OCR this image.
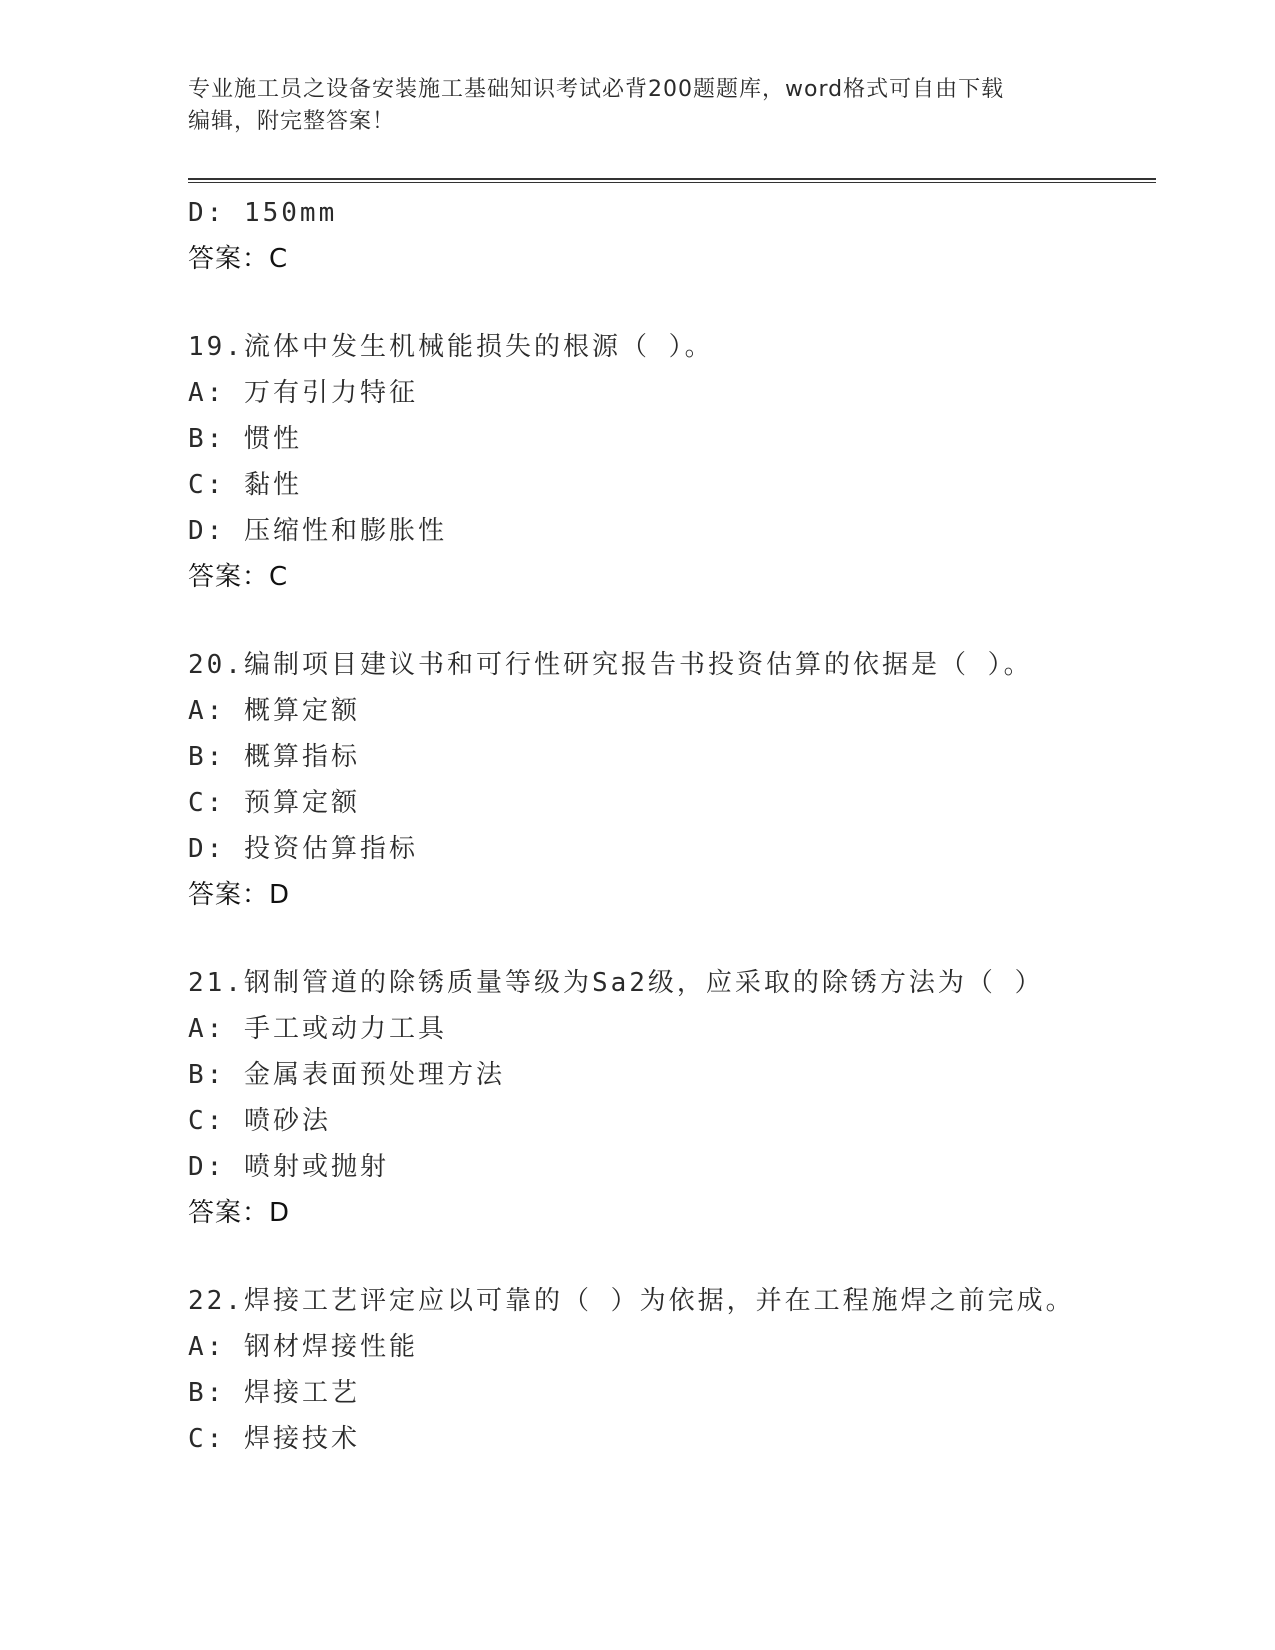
专业施工员之设备安装施工基础知识考试必背200题题库，word格式可自由下载
编辑，附完整答案！
D: 150mm
答案：C
19.流体中发生机械能损失的根源（ ）。
A: 万有引力特征
B: 惯性
C: 黏性
D: 压缩性和膨胀性
答案：C
20.编制项目建议书和可行性研究报告书投资估算的依据是（ ）。
A: 概算定额
B: 概算指标
C: 预算定额
D: 投资估算指标
答案：D
21.钢制管道的除锈质量等级为Sa2级，应采取的除锈方法为（ ）
A: 手工或动力工具
B: 金属表面预处理方法
C: 喷砂法
D: 喷射或抛射
答案：D
22.焊接工艺评定应以可靠的（ ）为依据，并在工程施焊之前完成。
A: 钢材焊接性能
B: 焊接工艺
C: 焊接技术
